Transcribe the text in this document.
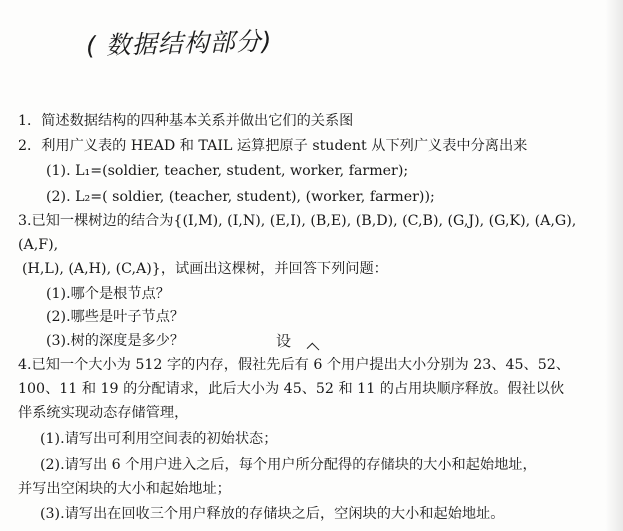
( 数据结构部分)
1．简述数据结构的四种基本关系并做出它们的关系图
2．利用广义表的 HEAD 和 TAIL 运算把原子 student 从下列广义表中分离出来
(1). L₁=(soldier, teacher, student, worker, farmer);
(2). L₂=( soldier, (teacher, student), (worker, farmer));
3.已知一棵树边的结合为{(I,M), (I,N), (E,I), (B,E), (B,D), (C,B), (G,J), (G,K), (A,G),
(A,F),
(H,L), (A,H), (C,A)}，试画出这棵树，并回答下列问题：
(1).哪个是根节点？
(2).哪些是叶子节点？
(3).树的深度是多少？	设
4.已知一个大小为 512 字的内存，假社先后有 6 个用户提出大小分别为 23、45、52、
100、11 和 19 的分配请求，此后大小为 45、52 和 11 的占用块顺序释放。假社以伙
伴系统实现动态存储管理，
(1).请写出可利用空间表的初始状态；
(2).请写出 6 个用户进入之后，每个用户所分配得的存储块的大小和起始地址，
并写出空闲块的大小和起始地址；
(3).请写出在回收三个用户释放的存储块之后，空闲块的大小和起始地址。
